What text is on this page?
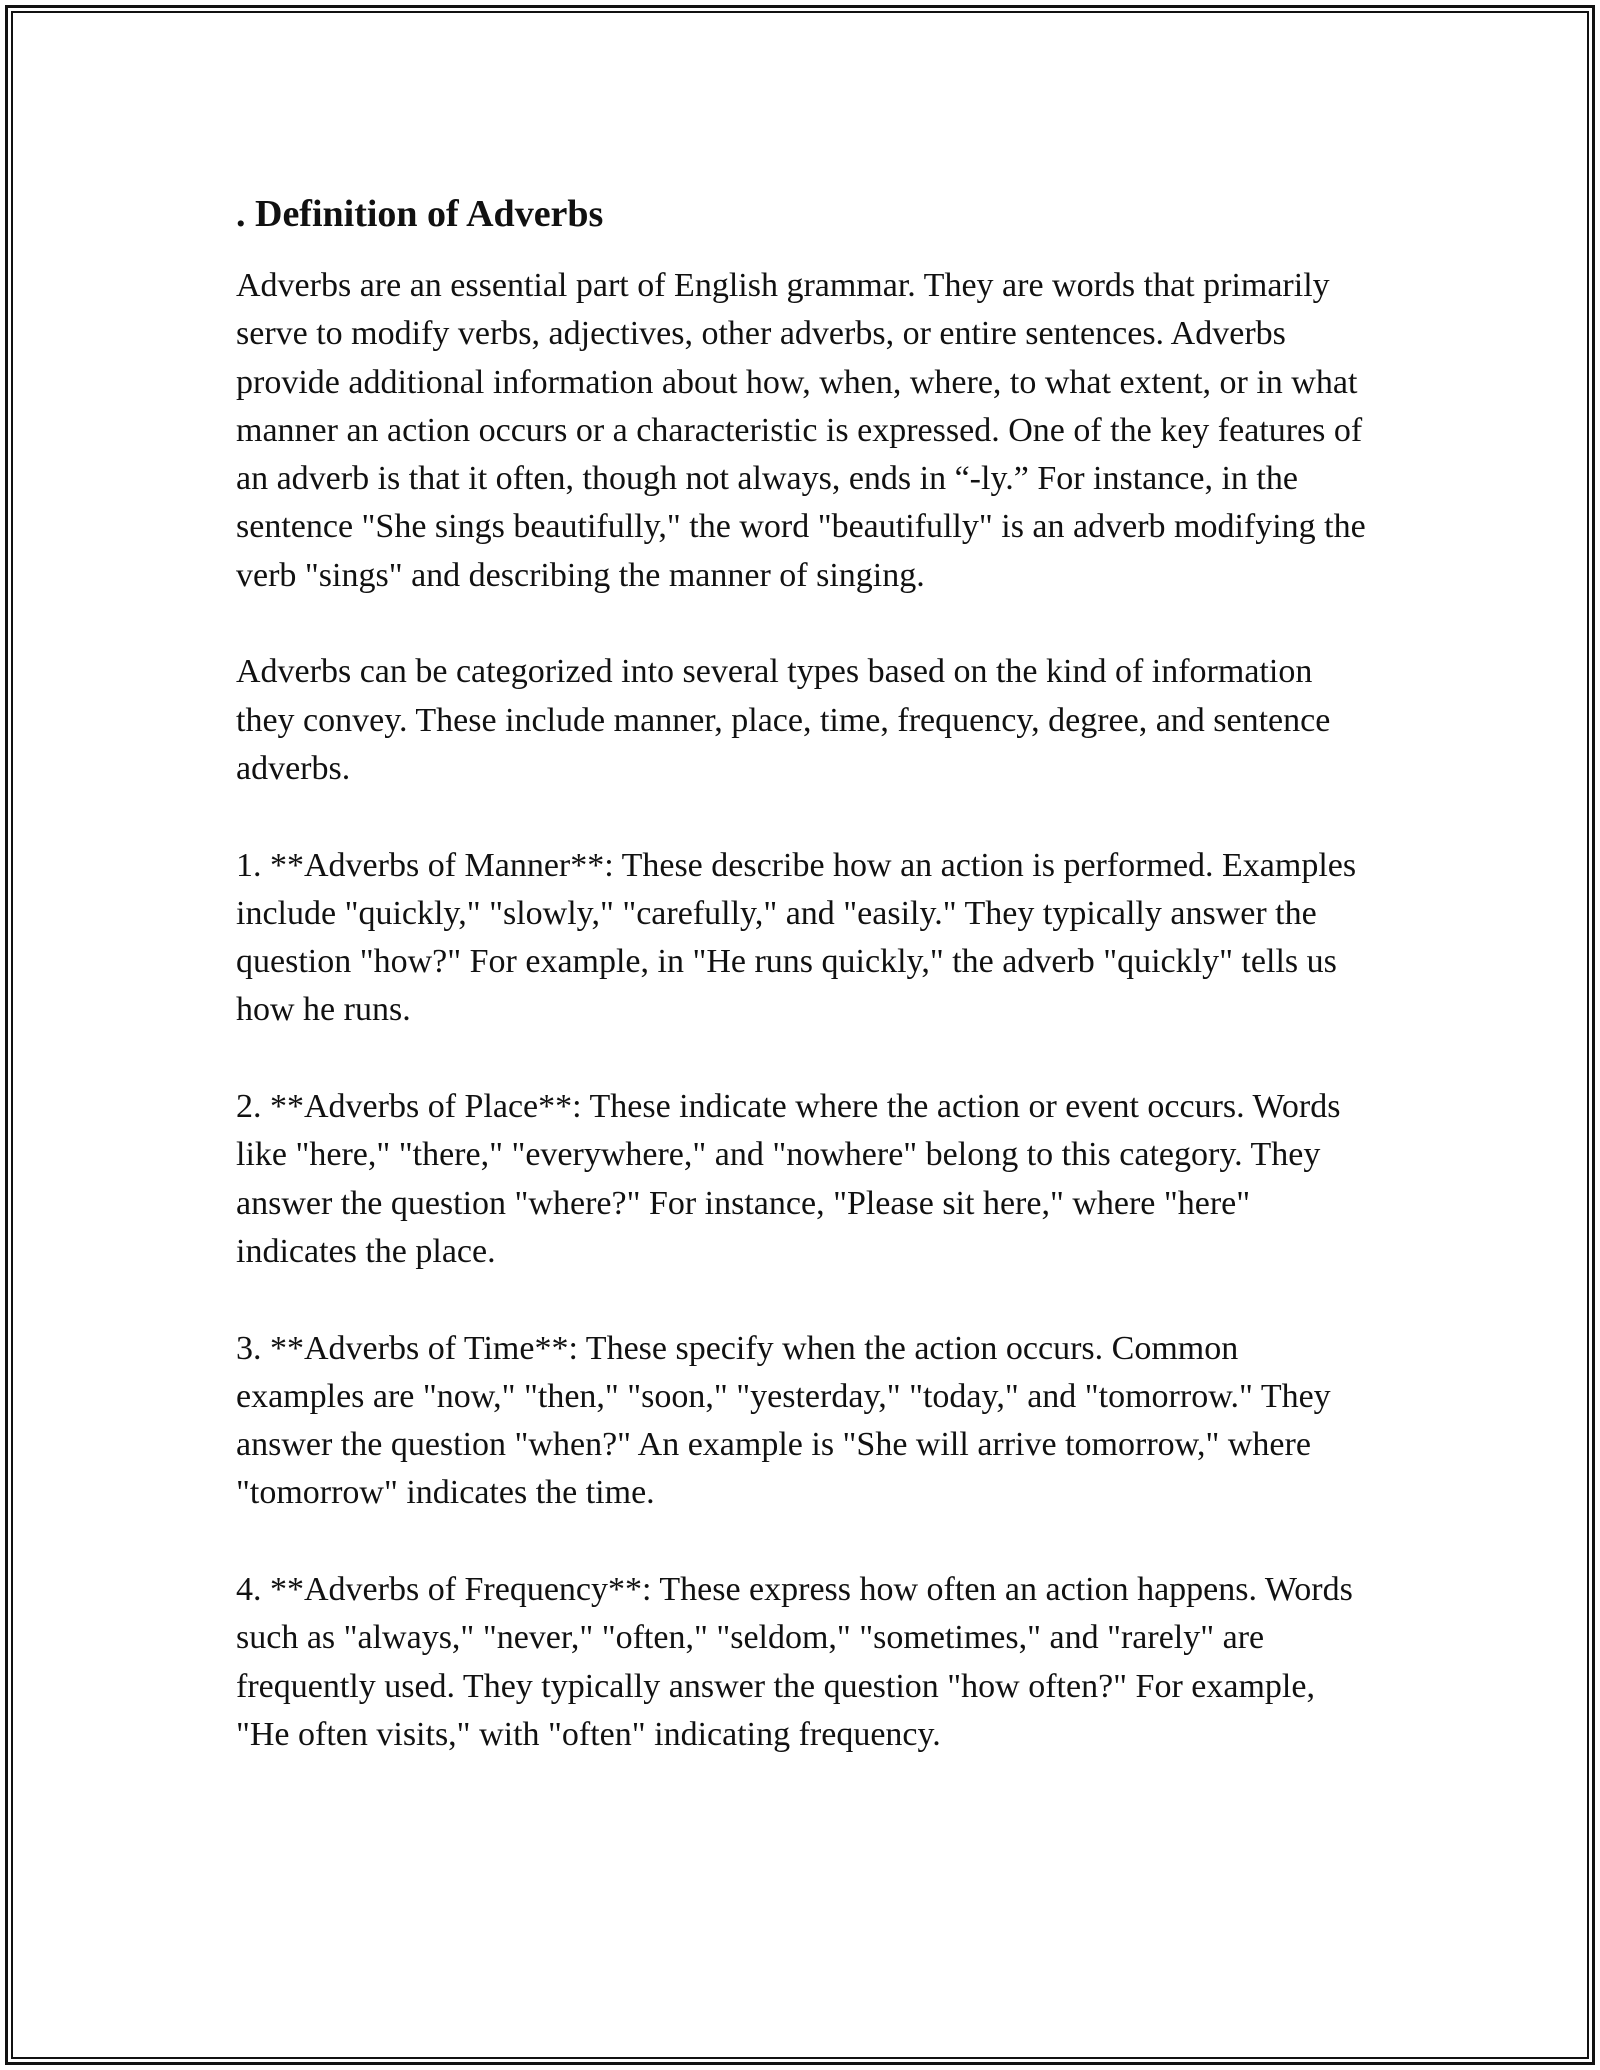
. Definition of Adverbs

Adverbs are an essential part of English grammar. They are words that primarily serve to modify verbs, adjectives, other adverbs, or entire sentences. Adverbs provide additional information about how, when, where, to what extent, or in what manner an action occurs or a characteristic is expressed. One of the key features of an adverb is that it often, though not always, ends in “-ly.” For instance, in the sentence "She sings beautifully," the word "beautifully" is an adverb modifying the verb "sings" and describing the manner of singing.

Adverbs can be categorized into several types based on the kind of information they convey. These include manner, place, time, frequency, degree, and sentence adverbs.

1. **Adverbs of Manner**: These describe how an action is performed. Examples include "quickly," "slowly," "carefully," and "easily." They typically answer the question "how?" For example, in "He runs quickly," the adverb "quickly" tells us how he runs.

2. **Adverbs of Place**: These indicate where the action or event occurs. Words like "here," "there," "everywhere," and "nowhere" belong to this category. They answer the question "where?" For instance, "Please sit here," where "here" indicates the place.

3. **Adverbs of Time**: These specify when the action occurs. Common examples are "now," "then," "soon," "yesterday," "today," and "tomorrow." They answer the question "when?" An example is "She will arrive tomorrow," where "tomorrow" indicates the time.

4. **Adverbs of Frequency**: These express how often an action happens. Words such as "always," "never," "often," "seldom," "sometimes," and "rarely" are frequently used. They typically answer the question "how often?" For example, "He often visits," with "often" indicating frequency.
